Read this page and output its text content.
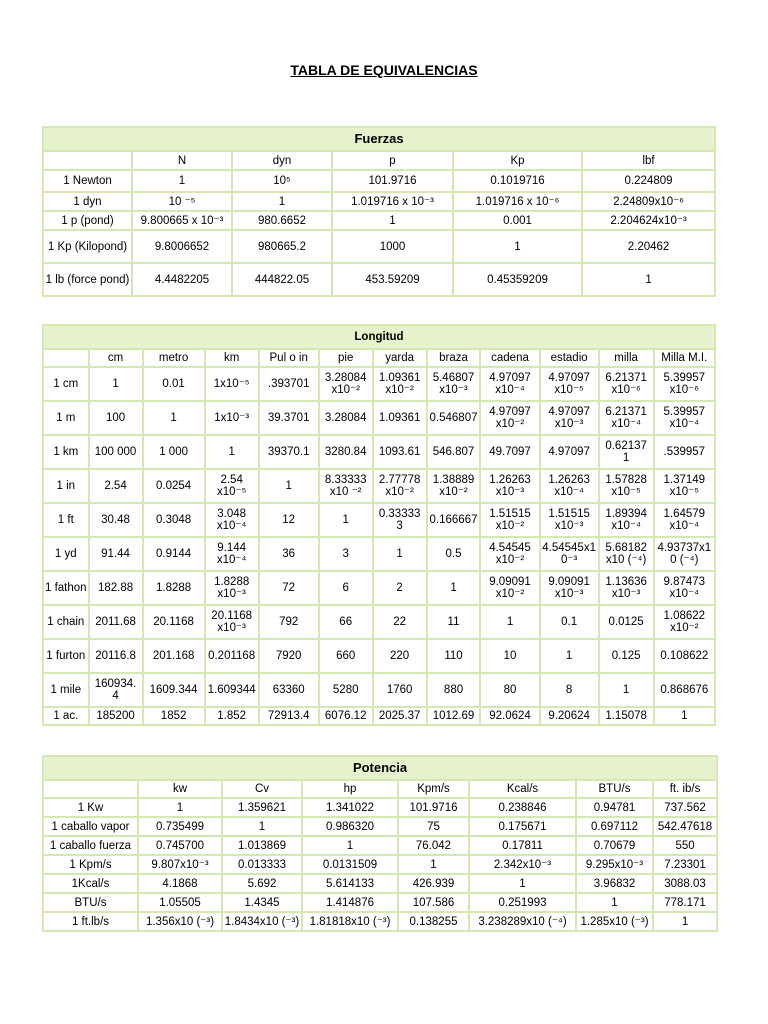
TABLA DE EQUIVALENCIAS
Fuerzas					
	N	dyn	p	Kp	lbf
1 Newton	1	10⁵	101.9716	0.1019716	0.224809
1 dyn	10 ⁻⁵	1	1.019716 x 10⁻³	1.019716 x 10⁻⁶	2.24809x10⁻⁶
1 p (pond)	9.800665 x 10⁻³	980.6652	1	0.001	2.204624x10⁻³
1 Kp (Kilopond)	9.8006652	980665.2	1000	1	2.20462
1 lb (force pond)	4.4482205	444822.05	453.59209	0.45359209	1
Longitud											
	cm	metro	km	Pul o in	pie	yarda	braza	cadena	estadio	milla	Milla M.I.
1 cm	1	0.01	1x10⁻⁵	.393701	3.28084 x10⁻²	1.09361 x10⁻²	5.46807 x10⁻³	4.97097 x10⁻⁴	4.97097 x10⁻⁵	6.21371 x10⁻⁶	5.39957 x10⁻⁶
1 m	100	1	1x10⁻³	39.3701	3.28084	1.09361	0.546807	4.97097 x10⁻²	4.97097 x10⁻³	6.21371 x10⁻⁴	5.39957 x10⁻⁴
1 km	100 000	1 000	1	39370.1	3280.84	1093.61	546.807	49.7097	4.97097	0.62137 1	.539957
1 in	2.54	0.0254	2.54 x10⁻⁵	1	8.33333 x10 ⁻²	2.77778 x10⁻²	1.38889 x10⁻²	1.26263 x10⁻³	1.26263 x10⁻⁴	1.57828 x10⁻⁵	1.37149 x10⁻⁵
1 ft	30.48	0.3048	3.048 x10⁻⁴	12	1	0.33333 3	0.166667	1.51515 x10⁻²	1.51515 x10⁻³	1.89394 x10⁻⁴	1.64579 x10⁻⁴
1 yd	91.44	0.9144	9.144 x10⁻⁴	36	3	1	0.5	4.54545 x10⁻²	4.54545x1 0⁻³	5.68182 x10 (⁻⁴)	4.93737x1 0 (⁻⁴)
1 fathon	182.88	1.8288	1.8288 x10⁻³	72	6	2	1	9.09091 x10⁻²	9.09091 x10⁻³	1.13636 x10⁻³	9.87473 x10⁻⁴
1 chain	2011.68	20.1168	20.1168 x10⁻³	792	66	22	11	1	0.1	0.0125	1.08622 x10⁻²
1 furton	20116.8	201.168	0.201168	7920	660	220	110	10	1	0.125	0.108622
1 mile	160934. 4	1609.344	1.609344	63360	5280	1760	880	80	8	1	0.868676
1 ac.	185200	1852	1.852	72913.4	6076.12	2025.37	1012.69	92.0624	9.20624	1.15078	1
Potencia							
	kw	Cv	hp	Kpm/s	Kcal/s	BTU/s	ft. ib/s
1 Kw	1	1.359621	1.341022	101.9716	0.238846	0.94781	737.562
1 caballo vapor	0.735499	1	0.986320	75	0.175671	0.697112	542.47618
1 caballo fuerza	0.745700	1.013869	1	76.042	0.17811	0.70679	550
1 Kpm/s	9.807x10⁻³	0.013333	0.0131509	1	2.342x10⁻³	9.295x10⁻³	7.23301
1Kcal/s	4.1868	5.692	5.614133	426.939	1	3.96832	3088.03
BTU/s	1.05505	1.4345	1.414876	107.586	0.251993	1	778.171
1 ft.lb/s	1.356x10 (⁻³)	1.8434x10 (⁻³)	1.81818x10 (⁻³)	0.138255	3.238289x10 (⁻⁴)	1.285x10 (⁻³)	1
